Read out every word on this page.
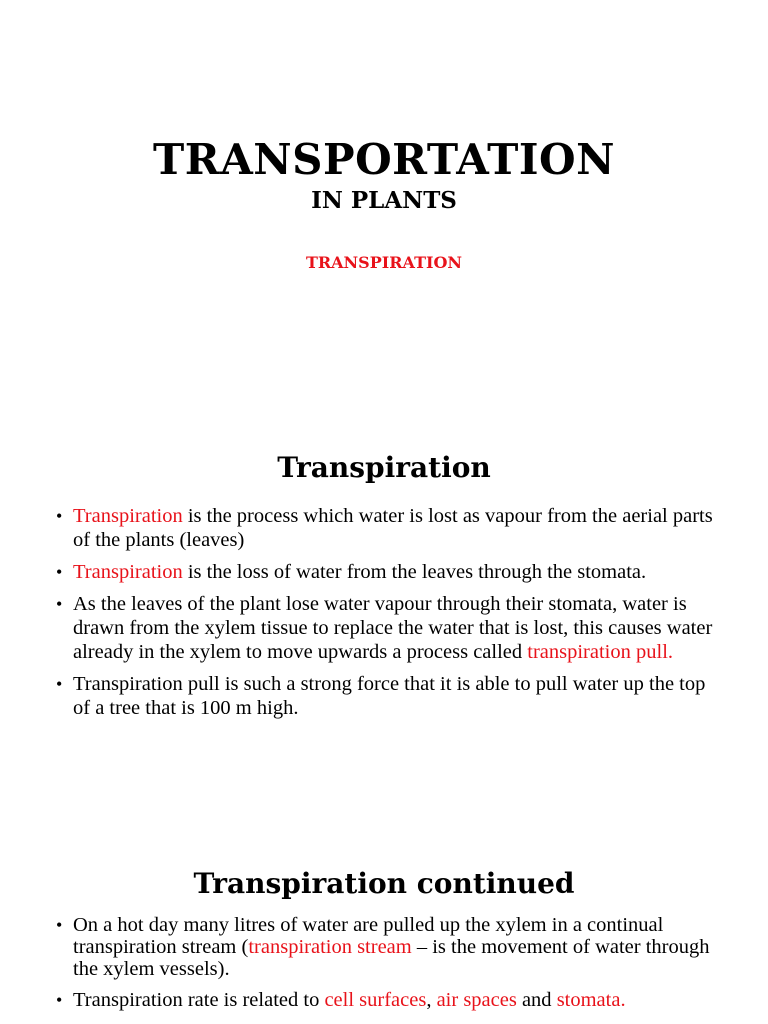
TRANSPORTATION
IN PLANTS
TRANSPIRATION
Transpiration
• Transpiration is the process which water is lost as vapour from the aerial parts of the plants (leaves)
• Transpiration is the loss of water from the leaves through the stomata.
• As the leaves of the plant lose water vapour through their stomata, water is drawn from the xylem tissue to replace the water that is lost, this causes water already in the xylem to move upwards a process called transpiration pull.
• Transpiration pull is such a strong force that it is able to pull water up the top of a tree that is 100 m high.
Transpiration continued
• On a hot day many litres of water are pulled up the xylem in a continual transpiration stream (transpiration stream – is the movement of water through the xylem vessels).
• Transpiration rate is related to cell surfaces, air spaces and stomata.
